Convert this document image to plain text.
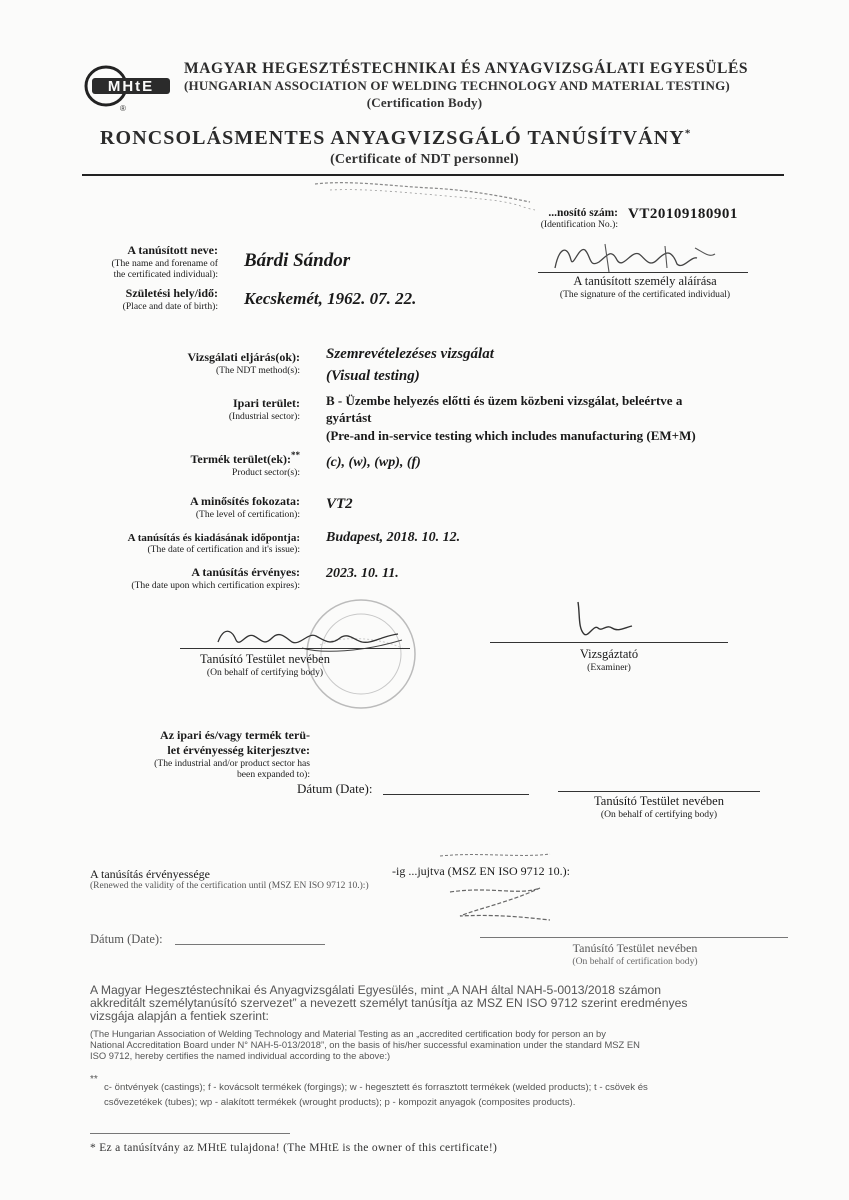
MHtE
®
MAGYAR HEGESZTÉSTECHNIKAI ÉS ANYAGVIZSGÁLATI EGYESÜLÉS
(HUNGARIAN ASSOCIATION OF WELDING TECHNOLOGY AND MATERIAL TESTING)
(Certification Body)
RONCSOLÁSMENTES ANYAGVIZSGÁLÓ TANÚSÍTVÁNY*
(Certificate of NDT personnel)
...nosító szám:
(Identification No.):
VT20109180901
A tanúsított neve:
(The name and forename of
the certificated individual):
Bárdi Sándor
Születési hely/idő:
(Place and date of birth): Kecskemét, 1962. 07. 22.
A tanúsított személy aláírása
(The signature of the certificated individual)
Vizsgálati eljárás(ok):
(The NDT method(s):
Szemrevételezéses vizsgálat
(Visual testing)
Ipari terület:
(Industrial sector):
B - Üzembe helyezés előtti és üzem közbeni vizsgálat, beleértve a
gyártást
(Pre-and in-service testing which includes manufacturing (EM+M)
Termék terület(ek):**
Product sector(s):
(c), (w), (wp), (f)
A minősítés fokozata:
(The level of certification):
VT2
A tanúsítás és kiadásának időpontja:
(The date of certification and it's issue):
Budapest, 2018. 10. 12.
A tanúsítás érvényes:
(The date upon which certification expires):
2023. 10. 11.
Tanúsító Testület nevében
(On behalf of certifying body)
Vizsgáztató
(Examiner)
Az ipari és/vagy termék terü-
let érvényesség kiterjesztve:
(The industrial and/or product sector has
been expanded to):
Dátum (Date):
Tanúsító Testület nevében
(On behalf of certifying body)
A tanúsítás érvényessége	-ig ...jujtva (MSZ EN ISO 9712 10.):
(Renewed the validity of the certification until (MSZ EN ISO 9712 10.):)
Dátum (Date):
Tanúsító Testület nevében
(On behalf of certification body)
A Magyar Hegesztéstechnikai és Anyagvizsgálati Egyesülés, mint „A NAH által NAH-5-0013/2018 számon
akkreditált személytanúsító szervezet” a nevezett személyt tanúsítja az MSZ EN ISO 9712 szerint eredményes
vizsgája alapján a fentiek szerint:
(The Hungarian Association of Welding Technology and Material Testing as an „accredited certification body for person an by
National Accreditation Board under N° NAH-5-013/2018”, on the basis of his/her successful examination under the standard MSZ EN
ISO 9712, hereby certifies the named individual according to the above:)
**
c- öntvények (castings); f - kovácsolt termékek (forgings); w - hegesztett és forrasztott termékek (welded products); t - csövek és
csővezetékek (tubes); wp - alakított termékek (wrought products); p - kompozit anyagok (composites products).
* Ez a tanúsítvány az MHtE tulajdona! (The MHtE is the owner of this certificate!)
